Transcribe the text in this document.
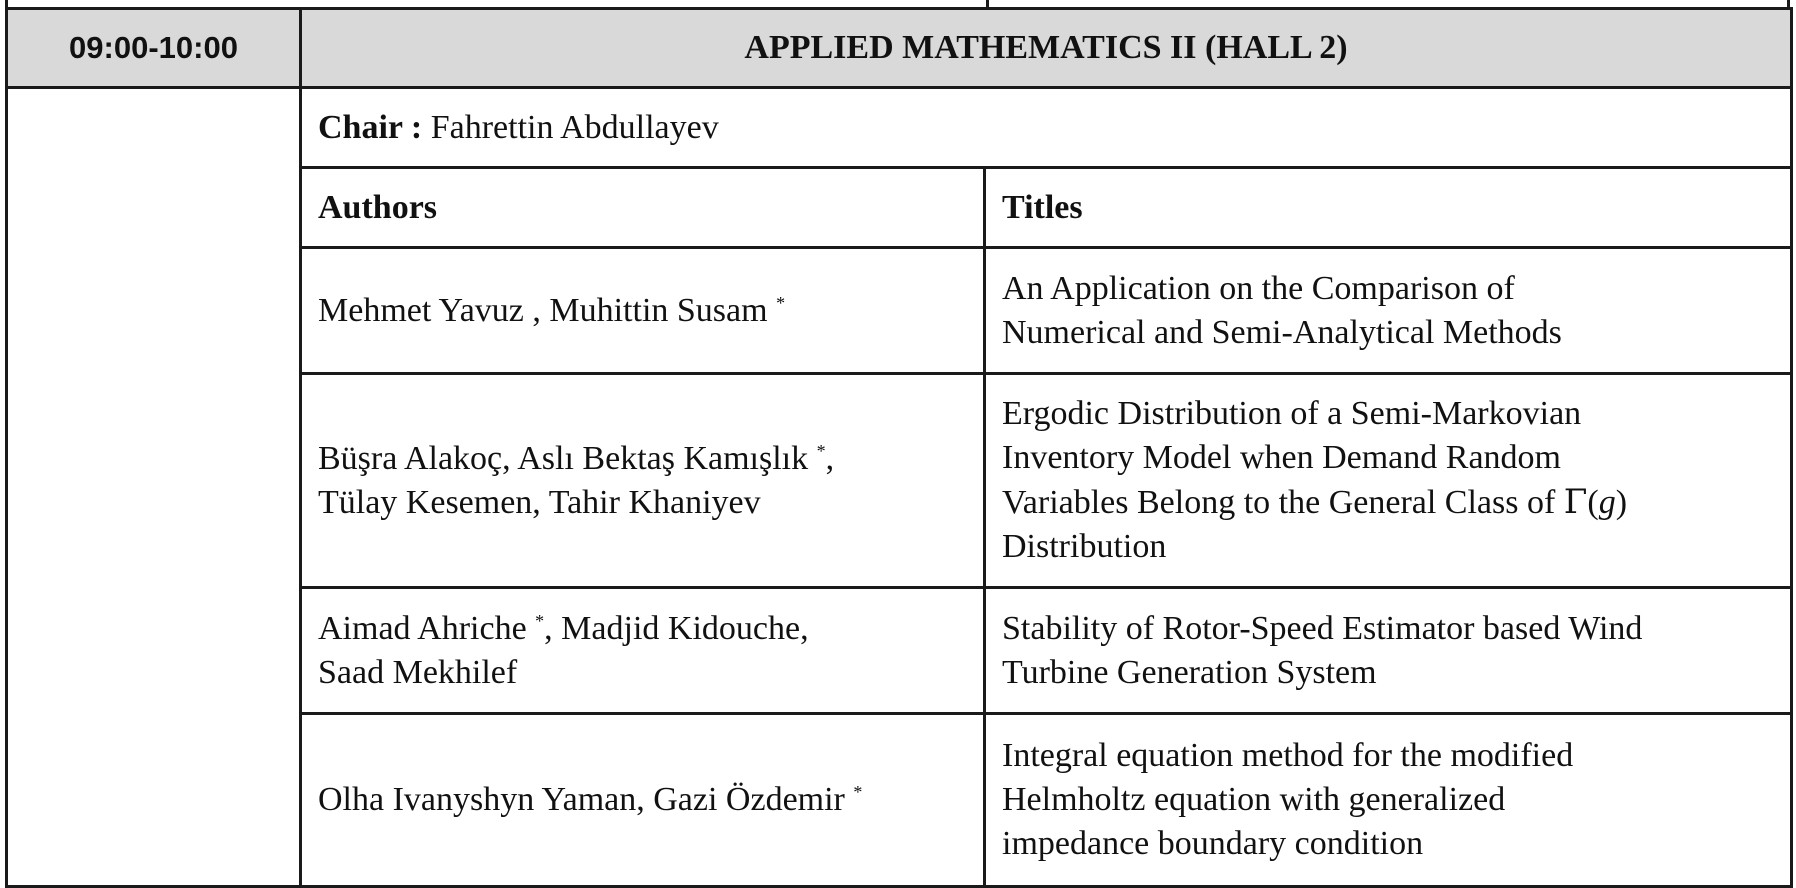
09:00-10:00	APPLIED MATHEMATICS II (HALL 2)	
	Chair : Fahrettin Abdullayev	
	Authors	Titles
	Mehmet Yavuz , Muhittin Susam *	An Application on the Comparison of
Numerical and Semi-Analytical Methods
	Büşra Alakoç, Aslı Bektaş Kamışlık *,
Tülay Kesemen, Tahir Khaniyev	Ergodic Distribution of a Semi-Markovian
Inventory Model when Demand Random
Variables Belong to the General Class of Γ(g)
Distribution
	Aimad Ahriche *, Madjid Kidouche,
Saad Mekhilef	Stability of Rotor-Speed Estimator based Wind
Turbine Generation System
	Olha Ivanyshyn Yaman, Gazi Özdemir *	Integral equation method for the modified
Helmholtz equation with generalized
impedance boundary condition
